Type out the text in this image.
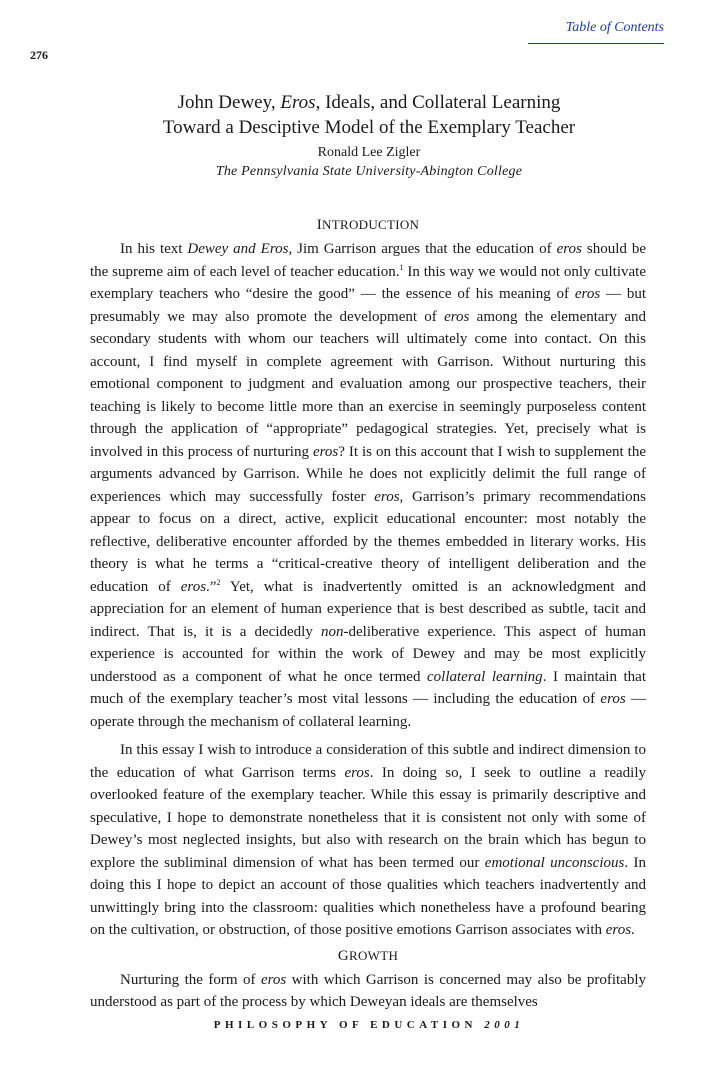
Table of Contents
276
John Dewey, Eros, Ideals, and Collateral Learning
Toward a Desciptive Model of the Exemplary Teacher
Ronald Lee Zigler
The Pennsylvania State University-Abington College
INTRODUCTION

In his text Dewey and Eros, Jim Garrison argues that the education of eros should be the supreme aim of each level of teacher education.$^1$ In this way we would not only cultivate exemplary teachers who “desire the good” — the essence of his meaning of eros — but presumably we may also promote the development of eros among the elementary and secondary students with whom our teachers will ultimately come into contact. On this account, I find myself in complete agreement with Garrison. Without nurturing this emotional component to judgment and evaluation among our prospective teachers, their teaching is likely to become little more than an exercise in seemingly purposeless content through the application of “appropriate” pedagogical strategies. Yet, precisely what is involved in this process of nurturing eros? It is on this account that I wish to supplement the arguments advanced by Garrison. While he does not explicitly delimit the full range of experiences which may successfully foster eros, Garrison’s primary recommendations appear to focus on a direct, active, explicit educational encounter: most notably the reflective, deliberative encounter afforded by the themes embedded in literary works. His theory is what he terms a “critical-creative theory of intelligent deliberation and the education of eros.”$^2$ Yet, what is inadvertently omitted is an acknowledgment and appreciation for an element of human experience that is best described as subtle, tacit and indirect. That is, it is a decidedly non-deliberative experience. This aspect of human experience is accounted for within the work of Dewey and may be most explicitly understood as a component of what he once termed collateral learning. I maintain that much of the exemplary teacher’s most vital lessons — including the education of eros — operate through the mechanism of collateral learning.

In this essay I wish to introduce a consideration of this subtle and indirect dimension to the education of what Garrison terms eros. In doing so, I seek to outline a readily overlooked feature of the exemplary teacher. While this essay is primarily descriptive and speculative, I hope to demonstrate nonetheless that it is consistent not only with some of Dewey’s most neglected insights, but also with research on the brain which has begun to explore the subliminal dimension of what has been termed our emotional unconscious. In doing this I hope to depict an account of those qualities which teachers inadvertently and unwittingly bring into the classroom: qualities which nonetheless have a profound bearing on the cultivation, or obstruction, of those positive emotions Garrison associates with eros.

GROWTH

Nurturing the form of eros with which Garrison is concerned may also be profitably understood as part of the process by which Deweyan ideals are themselves

PHILOSOPHY OF EDUCATION 2001
